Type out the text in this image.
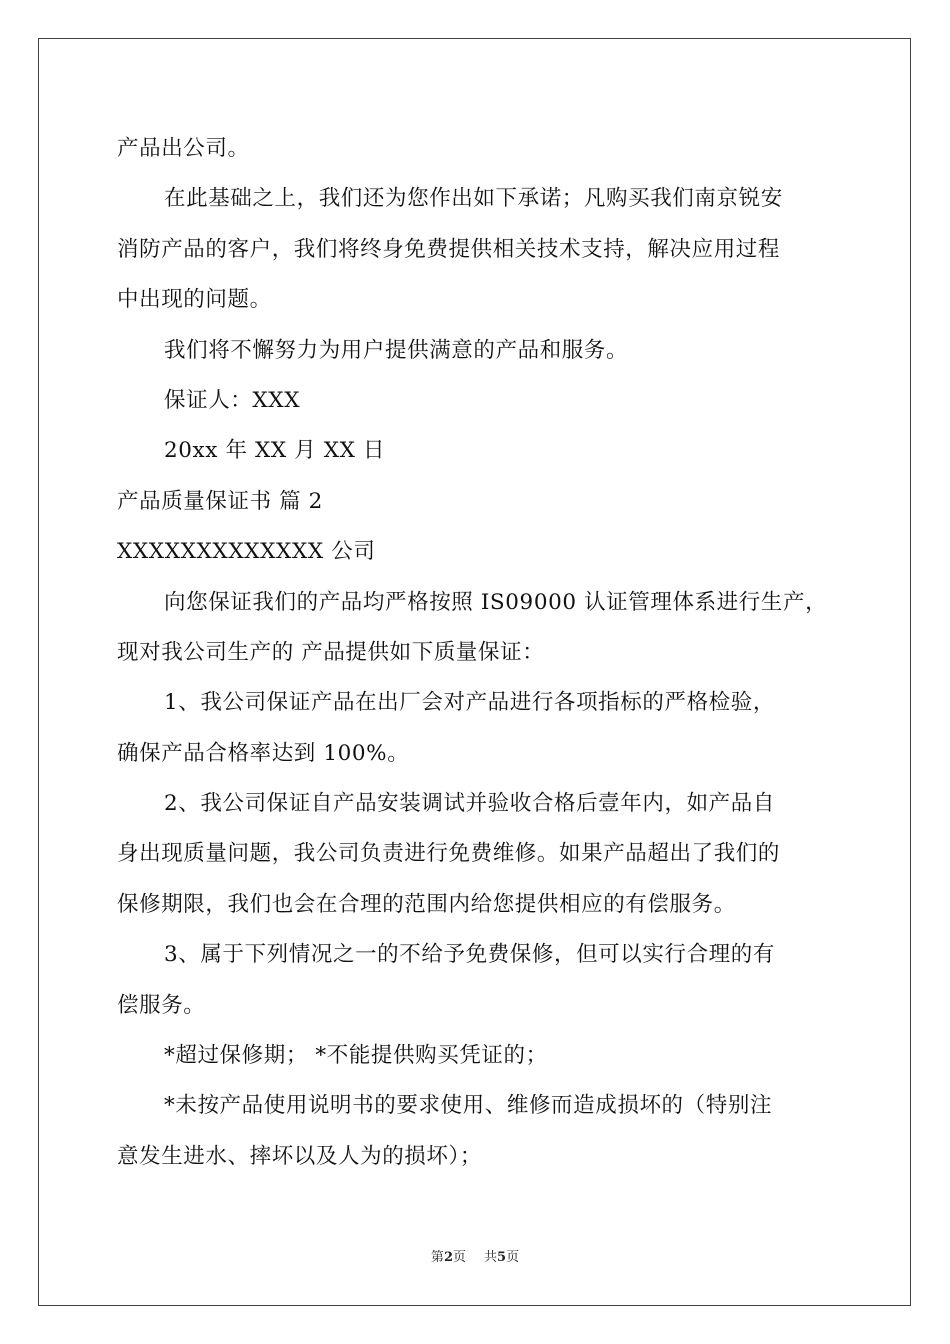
产品出公司。
在此基础之上，我们还为您作出如下承诺；凡购买我们南京锐安
消防产品的客户，我们将终身免费提供相关技术支持，解决应用过程
中出现的问题。
我们将不懈努力为用户提供满意的产品和服务。
保证人：XXX
20xx 年 XX 月 XX 日
产品质量保证书 篇 2
XXXXXXXXXXXXX 公司
向您保证我们的产品均严格按照 IS09000 认证管理体系进行生产，
现对我公司生产的 产品提供如下质量保证：
1、我公司保证产品在出厂会对产品进行各项指标的严格检验，
确保产品合格率达到 100%。
2、我公司保证自产品安装调试并验收合格后壹年内，如产品自
身出现质量问题，我公司负责进行免费维修。如果产品超出了我们的
保修期限，我们也会在合理的范围内给您提供相应的有偿服务。
3、属于下列情况之一的不给予免费保修，但可以实行合理的有
偿服务。
*超过保修期； *不能提供购买凭证的；
*未按产品使用说明书的要求使用、维修而造成损坏的（特别注
意发生进水、摔坏以及人为的损坏）；
第2页 共5页
